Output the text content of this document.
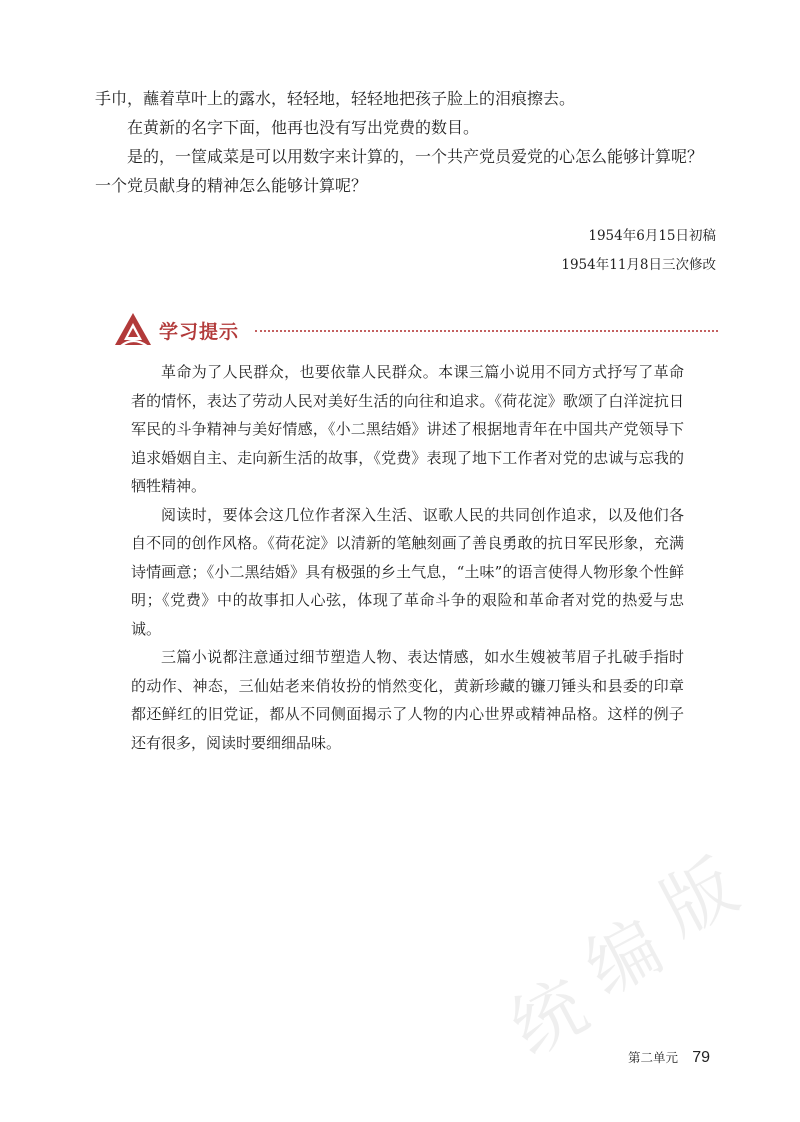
手巾，蘸着草叶上的露水，轻轻地，轻轻地把孩子脸上的泪痕擦去。

在黄新的名字下面，他再也没有写出党费的数目。

是的，一筐咸菜是可以用数字来计算的，一个共产党员爱党的心怎么能够计算呢？一个党员献身的精神怎么能够计算呢？

1954年6月15日初稿
1954年11月8日三次修改
学习提示

革命为了人民群众，也要依靠人民群众。本课三篇小说用不同方式抒写了革命者的情怀，表达了劳动人民对美好生活的向往和追求。《荷花淀》歌颂了白洋淀抗日军民的斗争精神与美好情感，《小二黑结婚》讲述了根据地青年在中国共产党领导下追求婚姻自主、走向新生活的故事，《党费》表现了地下工作者对党的忠诚与忘我的牺牲精神。

阅读时，要体会这几位作者深入生活、讴歌人民的共同创作追求，以及他们各自不同的创作风格。《荷花淀》以清新的笔触刻画了善良勇敢的抗日军民形象，充满诗情画意；《小二黑结婚》具有极强的乡土气息，“土味”的语言使得人物形象个性鲜明；《党费》中的故事扣人心弦，体现了革命斗争的艰险和革命者对党的热爱与忠诚。

三篇小说都注意通过细节塑造人物、表达情感，如水生嫂被苇眉子扎破手指时的动作、神态，三仙姑老来俏妆扮的悄然变化，黄新珍藏的镰刀锤头和县委的印章都还鲜红的旧党证，都从不同侧面揭示了人物的内心世界或精神品格。这样的例子还有很多，阅读时要细细品味。

统
编
版
第二单元 79
